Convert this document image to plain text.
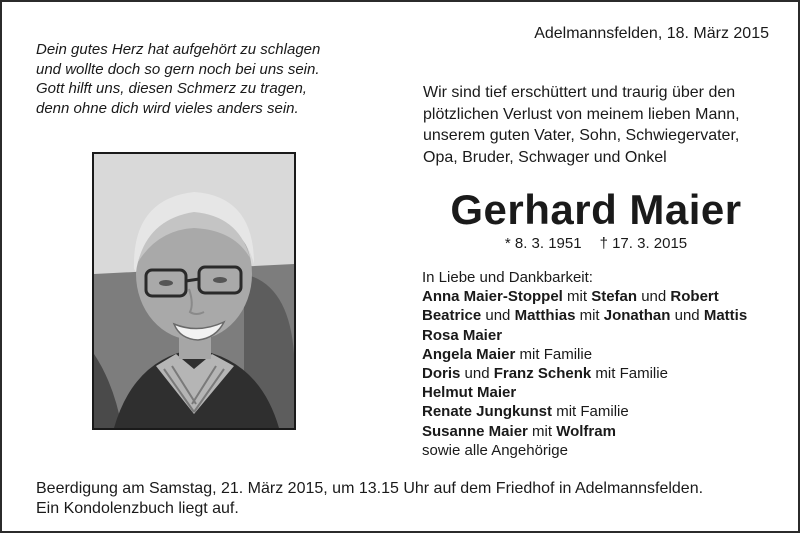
Adelmannsfelden, 18. März 2015
Dein gutes Herz hat aufgehört zu schlagen
und wollte doch so gern noch bei uns sein.
Gott hilft uns, diesen Schmerz zu tragen,
denn ohne dich wird vieles anders sein.
Wir sind tief erschüttert und traurig über den
plötzlichen Verlust von meinem lieben Mann,
unserem guten Vater, Sohn, Schwiegervater,
Opa, Bruder, Schwager und Onkel
Gerhard Maier
* 8. 3. 1951 † 17. 3. 2015
In Liebe und Dankbarkeit:
Anna Maier-Stoppel mit Stefan und Robert
Beatrice und Matthias mit Jonathan und Mattis
Rosa Maier
Angela Maier mit Familie
Doris und Franz Schenk mit Familie
Helmut Maier
Renate Jungkunst mit Familie
Susanne Maier mit Wolfram
sowie alle Angehörige
Beerdigung am Samstag, 21. März 2015, um 13.15 Uhr auf dem Friedhof in Adelmannsfelden.
Ein Kondolenzbuch liegt auf.
